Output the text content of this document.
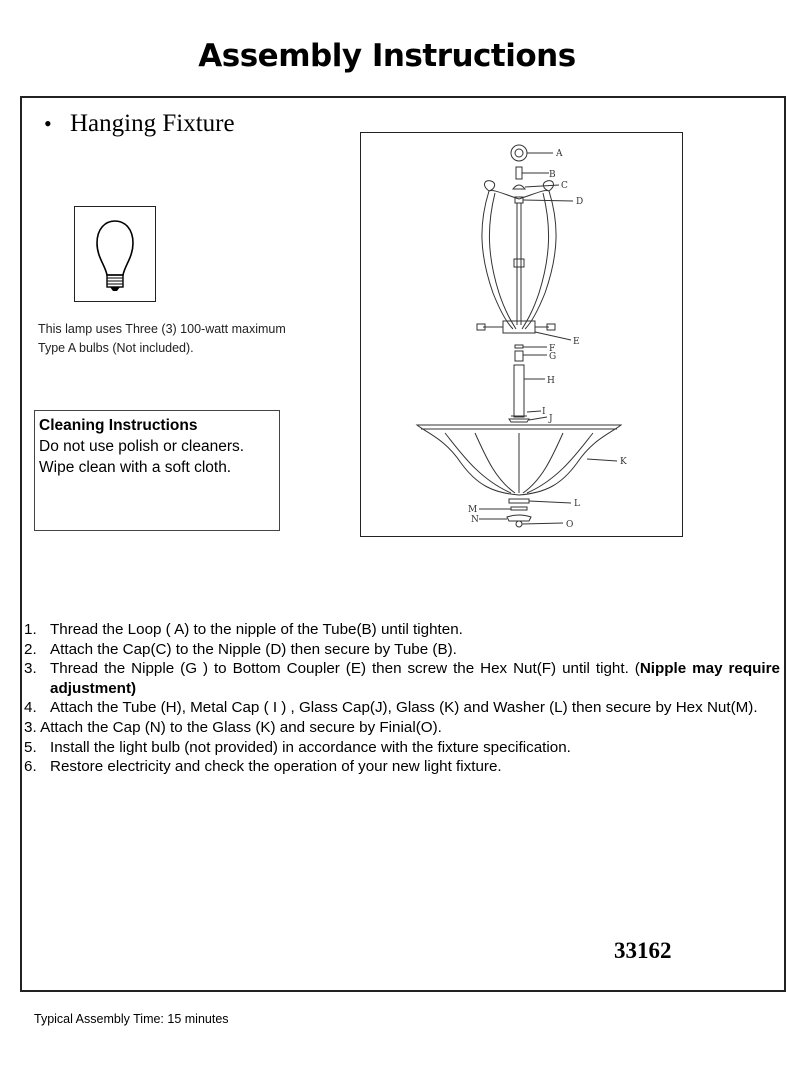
Assembly Instructions
• Hanging Fixture
This lamp uses Three (3) 100-watt maximum Type A bulbs (Not included).
Cleaning Instructions
Do not use polish or cleaners.
Wipe clean with a soft cloth.
A
B
C
D
E
F
G
H
I
J
K
L
M
N	O
1. Thread the Loop ( A) to the nipple of the Tube(B) until tighten.
2. Attach the Cap(C) to the Nipple (D) then secure by Tube (B).
3. Thread the Nipple (G ) to Bottom Coupler (E) then screw the Hex Nut(F) until tight. (Nipple may require adjustment)
4. Attach the Tube (H), Metal Cap ( I ) , Glass Cap(J), Glass (K) and Washer (L) then secure by Hex Nut(M).
3. Attach the Cap (N) to the Glass (K) and secure by Finial(O).
5. Install the light bulb (not provided) in accordance with the fixture specification.
6. Restore electricity and check the operation of your new light fixture.
33162
Typical Assembly Time: 15 minutes
